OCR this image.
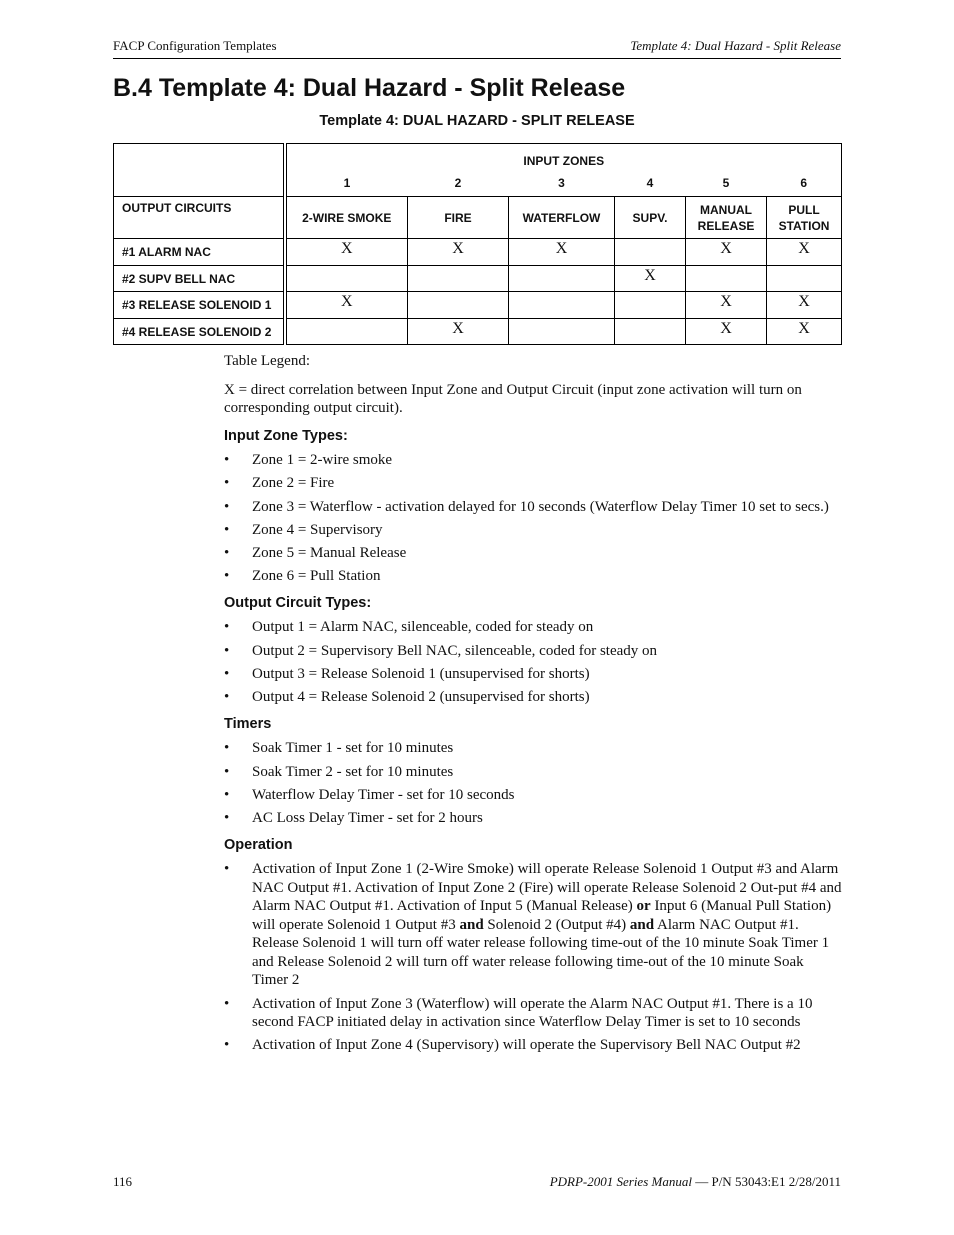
FACP Configuration Templates	Template 4: Dual Hazard - Split Release
B.4 Template 4: Dual Hazard - Split Release
Template 4: DUAL HAZARD - SPLIT RELEASE
	INPUT ZONES					
	1	2	3	4	5	6
OUTPUT CIRCUITS	2-WIRE SMOKE	FIRE	WATERFLOW	SUPV.	MANUAL RELEASE	PULL STATION
#1 ALARM NAC	X	X	X		X	X
#2 SUPV BELL NAC				X		
#3 RELEASE SOLENOID 1	X				X	X
#4 RELEASE SOLENOID 2		X			X	X

Table Legend:

X = direct correlation between Input Zone and Output Circuit (input zone activation will turn on corresponding output circuit).

Input Zone Types:

• Zone 1 = 2-wire smoke
• Zone 2 = Fire
• Zone 3 = Waterflow - activation delayed for 10 seconds (Waterflow Delay Timer 10 set to secs.)
• Zone 4 = Supervisory
• Zone 5 = Manual Release
• Zone 6 = Pull Station

Output Circuit Types:

• Output 1 = Alarm NAC, silenceable, coded for steady on
• Output 2 = Supervisory Bell NAC, silenceable, coded for steady on
• Output 3 = Release Solenoid 1 (unsupervised for shorts)
• Output 4 = Release Solenoid 2 (unsupervised for shorts)

Timers

• Soak Timer 1 - set for 10 minutes
• Soak Timer 2 - set for 10 minutes
• Waterflow Delay Timer - set for 10 seconds
• AC Loss Delay Timer - set for 2 hours

Operation

• Activation of Input Zone 1 (2-Wire Smoke) will operate Release Solenoid 1 Output #3 and Alarm NAC Output #1. Activation of Input Zone 2 (Fire) will operate Release Solenoid 2 Out-put #4 and Alarm NAC Output #1. Activation of Input 5 (Manual Release) or Input 6 (Manual Pull Station) will operate Solenoid 1 Output #3 and Solenoid 2 (Output #4) and Alarm NAC Output #1. Release Solenoid 1 will turn off water release following time-out of the 10 minute Soak Timer 1 and Release Solenoid 2 will turn off water release following time-out of the 10 minute Soak Timer 2
• Activation of Input Zone 3 (Waterflow) will operate the Alarm NAC Output #1. There is a 10 second FACP initiated delay in activation since Waterflow Delay Timer is set to 10 seconds
• Activation of Input Zone 4 (Supervisory) will operate the Supervisory Bell NAC Output #2
116	PDRP-2001 Series Manual — P/N 53043:E1 2/28/2011
